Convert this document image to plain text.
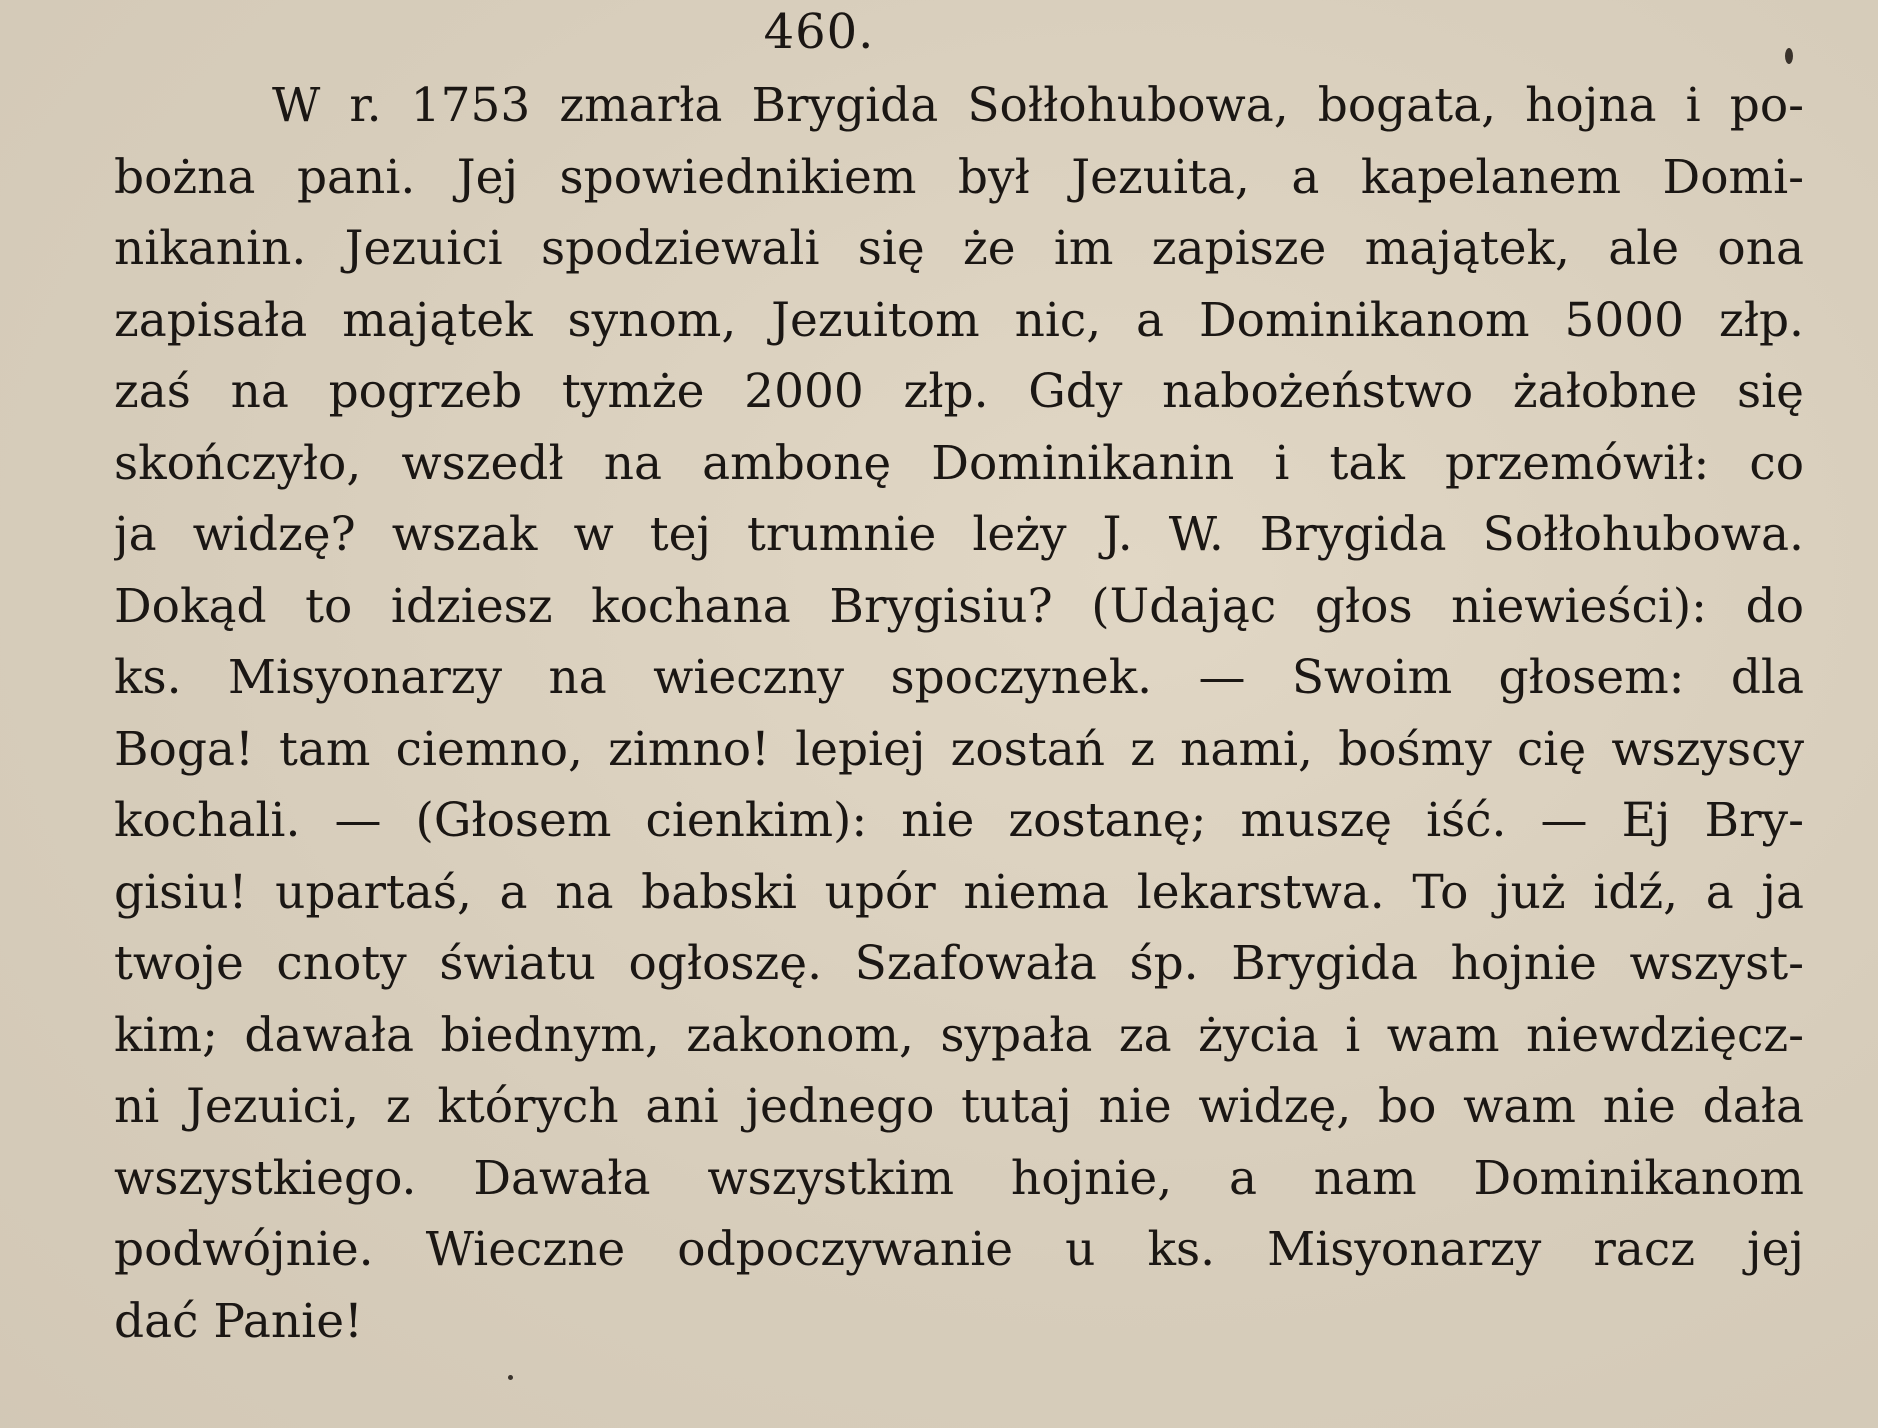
460.
W r. 1753 zmarła Brygida Sołłohubowa, bogata, hojna i po-
bożna pani. Jej spowiednikiem był Jezuita, a kapelanem Domi-
nikanin. Jezuici spodziewali się że im zapisze majątek, ale ona
zapisała majątek synom, Jezuitom nic, a Dominikanom 5000 złp.
zaś na pogrzeb tymże 2000 złp. Gdy nabożeństwo żałobne się
skończyło, wszedł na ambonę Dominikanin i tak przemówił: co
ja widzę? wszak w tej trumnie leży J. W. Brygida Sołłohubowa.
Dokąd to idziesz kochana Brygisiu? (Udając głos niewieści): do
ks. Misyonarzy na wieczny spoczynek. — Swoim głosem: dla
Boga! tam ciemno, zimno! lepiej zostań z nami, bośmy cię wszyscy
kochali. — (Głosem cienkim): nie zostanę; muszę iść. — Ej Bry-
gisiu! upartaś, a na babski upór niema lekarstwa. To już idź, a ja
twoje cnoty światu ogłoszę. Szafowała śp. Brygida hojnie wszyst-
kim; dawała biednym, zakonom, sypała za życia i wam niewdzięcz-
ni Jezuici, z których ani jednego tutaj nie widzę, bo wam nie dała
wszystkiego. Dawała wszystkim hojnie, a nam Dominikanom
podwójnie. Wieczne odpoczywanie u ks. Misyonarzy racz jej
dać Panie!
